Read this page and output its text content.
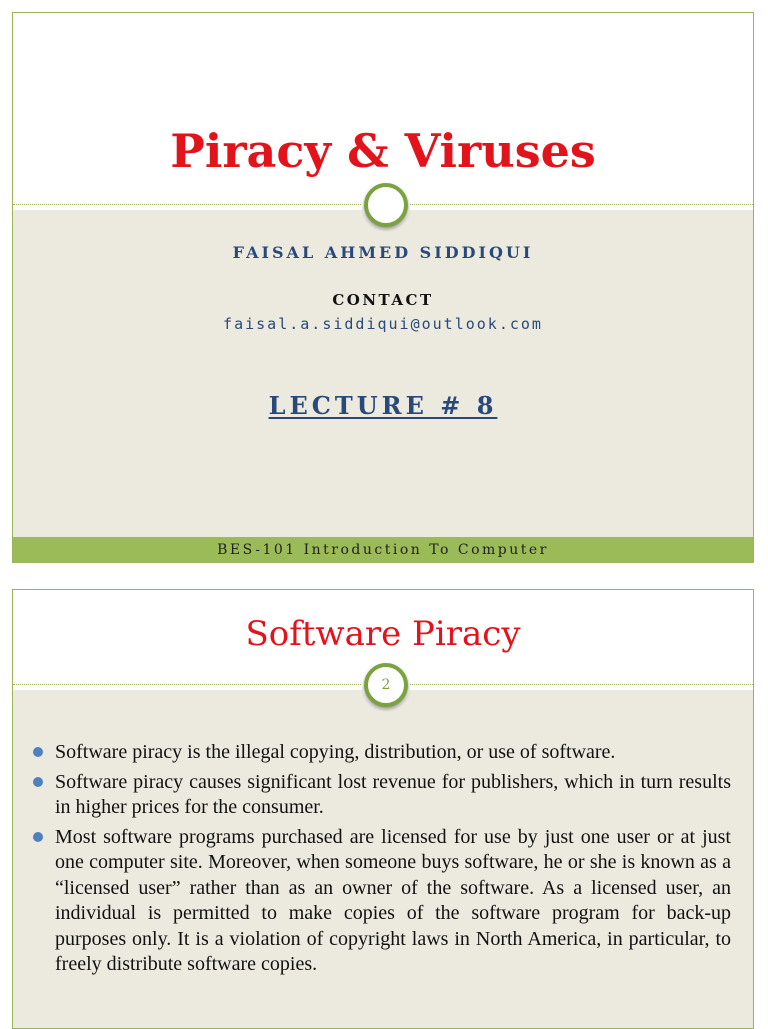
Piracy & Viruses
FAISAL AHMED SIDDIQUI
CONTACT
faisal.a.siddiqui@outlook.com
LECTURE # 8
BES-101 Introduction To Computer
Software Piracy
2
Software piracy is the illegal copying, distribution, or use of software.
Software piracy causes significant lost revenue for publishers, which in turn results in higher prices for the consumer.
Most software programs purchased are licensed for use by just one user or at just one computer site. Moreover, when someone buys software, he or she is known as a “licensed user” rather than as an owner of the software. As a licensed user, an individual is permitted to make copies of the software program for back-up purposes only. It is a violation of copyright laws in North America, in particular, to freely distribute software copies.
